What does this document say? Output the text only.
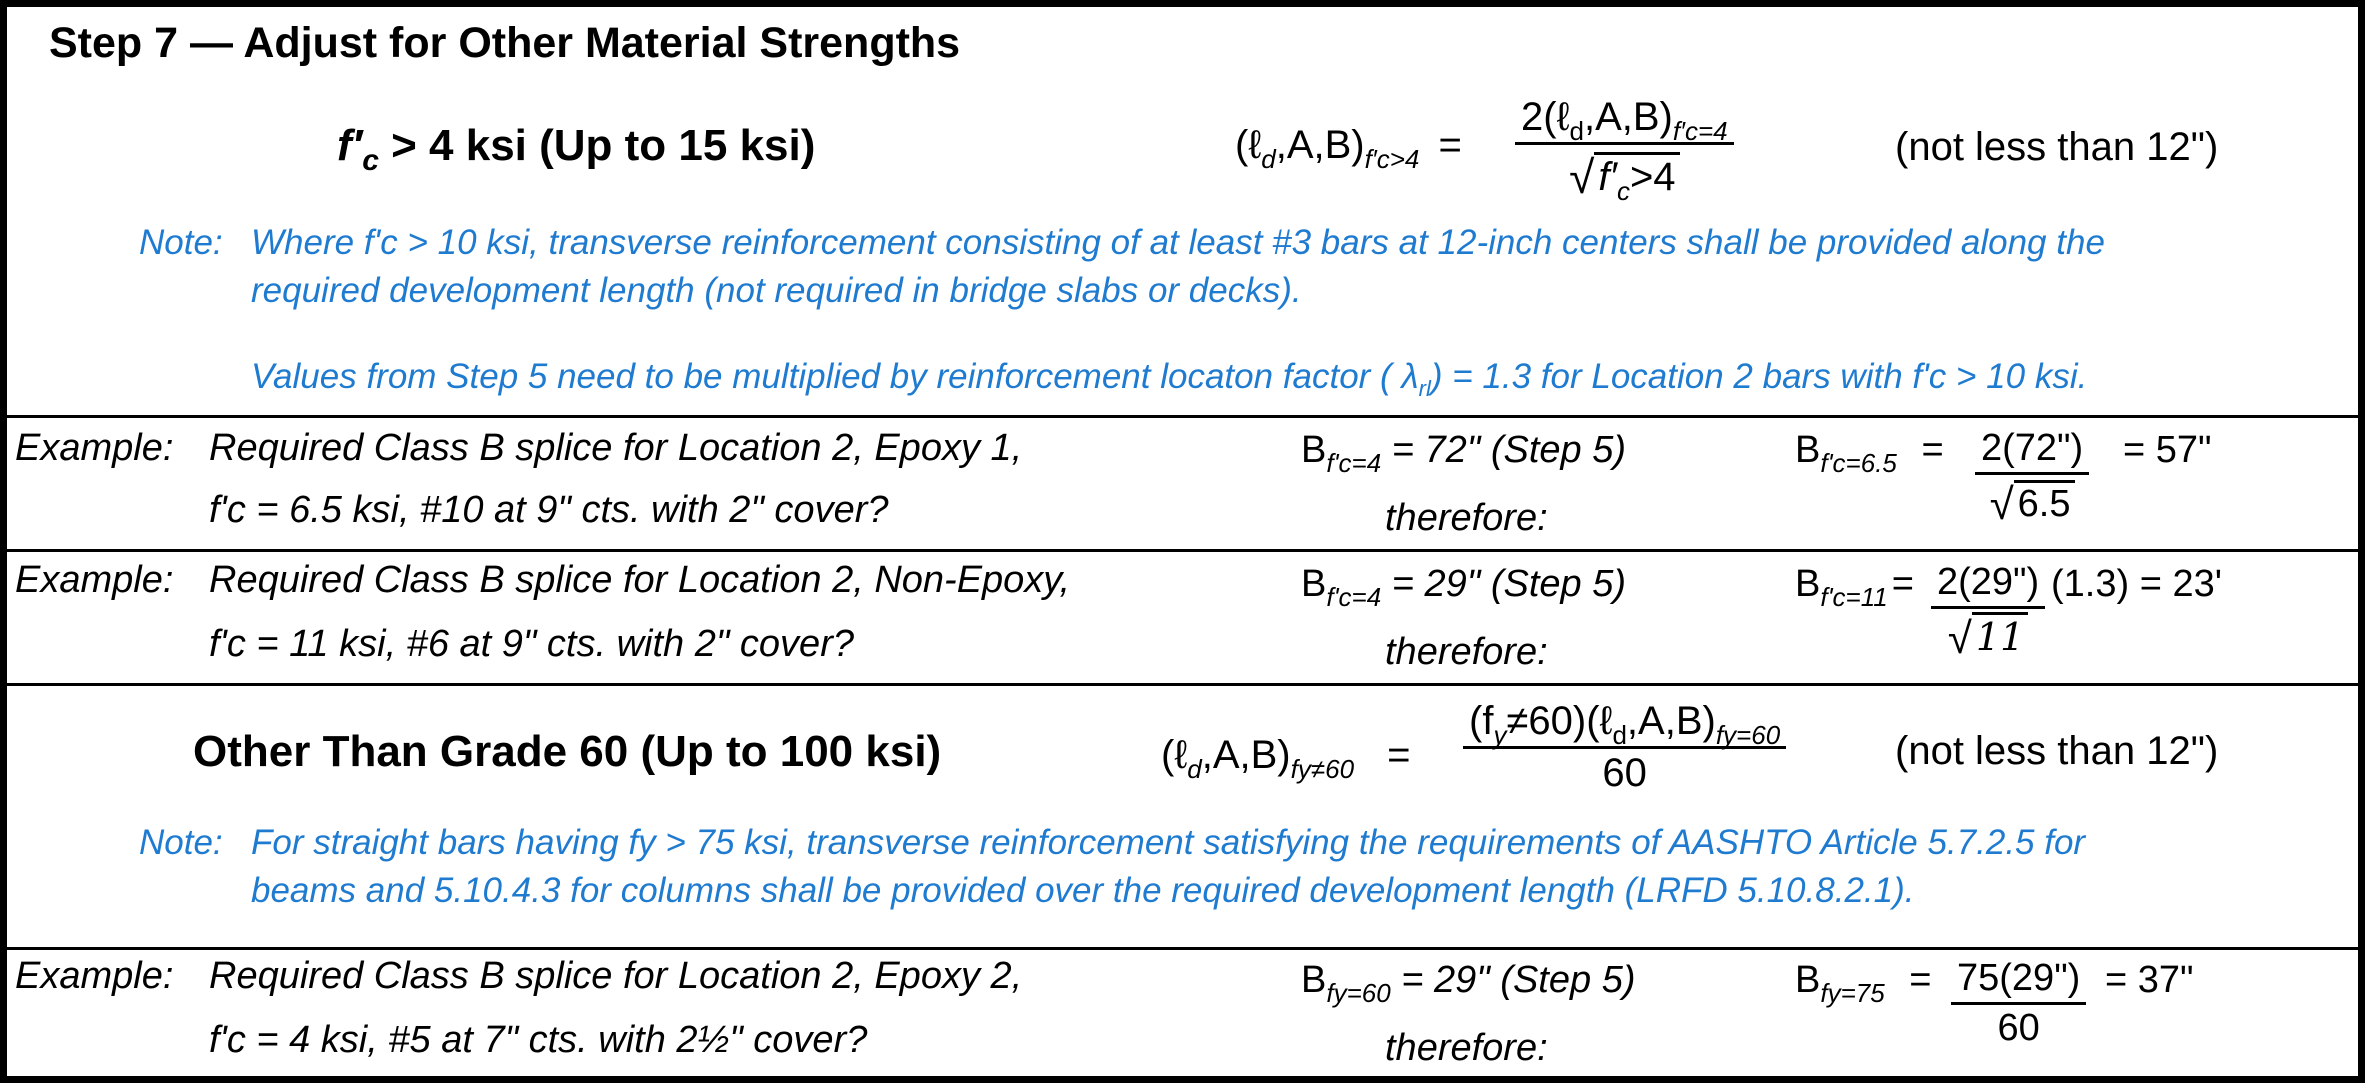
Step 7 — Adjust for Other Material Strengths
$f'_c > 4$ ksi (Up to 15 ksi)	$(\ell_d,A,B)_{f'c>4}$ =
$2(\ell_d,A,B)_{f'c=4}$
√ $f'_c>4$
(not less than 12")
Note: Where f'c > 10 ksi, transverse reinforcement consisting of at least #3 bars at 12-inch centers shall be provided along the
required development length (not required in bridge slabs or decks).
Values from Step 5 need to be multiplied by reinforcement locaton factor ( $\lambda_{rl}) = 1.3$ for Location 2 bars with f'c > 10 ksi.
Example: Required Class B splice for Location 2, Epoxy 1,
f'c = 6.5 ksi, #10 at 9" cts. with 2" cover?
$B_{f'c=4} = 72$" (Step 5)
therefore:
$B_{f'c=6.5} = \frac{2(72")}{√ 6.5} = 57$"
Example: Required Class B splice for Location 2, Non-Epoxy,
f'c = 11 ksi, #6 at 9" cts. with 2" cover?
$B_{f'c=4} = 29$" (Step 5)
therefore:
$B_{f'c=11} = \frac{2(29")}{√ 11} (1.3) = 23'$
Other Than Grade 60 (Up to 100 ksi)	$(\ell_d,A,B)_{fy\ne 60}$ =
$(f_y\ne 60)(\ell_d,A,B)_{fy=60}$
60	(not less than 12")
Note: For straight bars having fy > 75 ksi, transverse reinforcement satisfying the requirements of AASHTO Article 5.7.2.5 for
beams and 5.10.4.3 for columns shall be provided over the required development length (LRFD 5.10.8.2.1).
Example: Required Class B splice for Location 2, Epoxy 2,
f'c = 4 ksi, #5 at 7" cts. with 2½" cover?
$B_{fy=60} = 29$" (Step 5)
therefore:
$B_{fy=75} = \frac{75(29")}{60} = 37$"
